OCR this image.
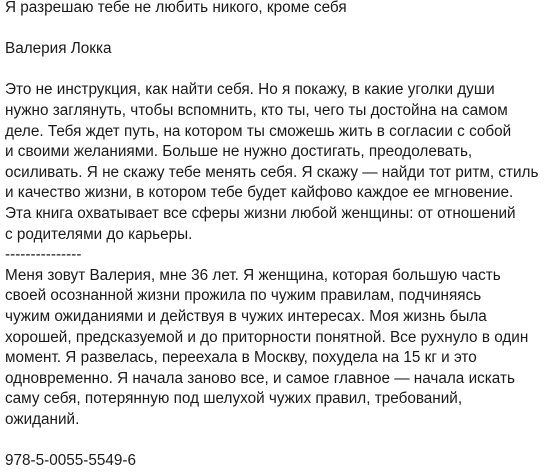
Я разрешаю тебе не любить никого, кроме себя
Валерия Локка
Это не инструкция, как найти себя. Но я покажу, в какие уголки души
нужно заглянуть, чтобы вспомнить, кто ты, чего ты достойна на самом
деле. Тебя ждет путь, на котором ты сможешь жить в согласии с собой
и своими желаниями. Больше не нужно достигать, преодолевать,
осиливать. Я не скажу тебе менять себя. Я скажу — найди тот ритм, стиль
и качество жизни, в котором тебе будет кайфово каждое ее мгновение.
Эта книга охватывает все сферы жизни любой женщины: от отношений
с родителями до карьеры.
---------------
Меня зовут Валерия, мне 36 лет. Я женщина, которая большую часть
своей осознанной жизни прожила по чужим правилам, подчиняясь
чужим ожиданиями и действуя в чужих интересах. Моя жизнь была
хорошей, предсказуемой и до приторности понятной. Все рухнуло в один
момент. Я развелась, переехала в Москву, похудела на 15 кг и это
одновременно. Я начала заново все, и самое главное — начала искать
саму себя, потерянную под шелухой чужих правил, требований,
ожиданий.
978-5-0055-5549-6
